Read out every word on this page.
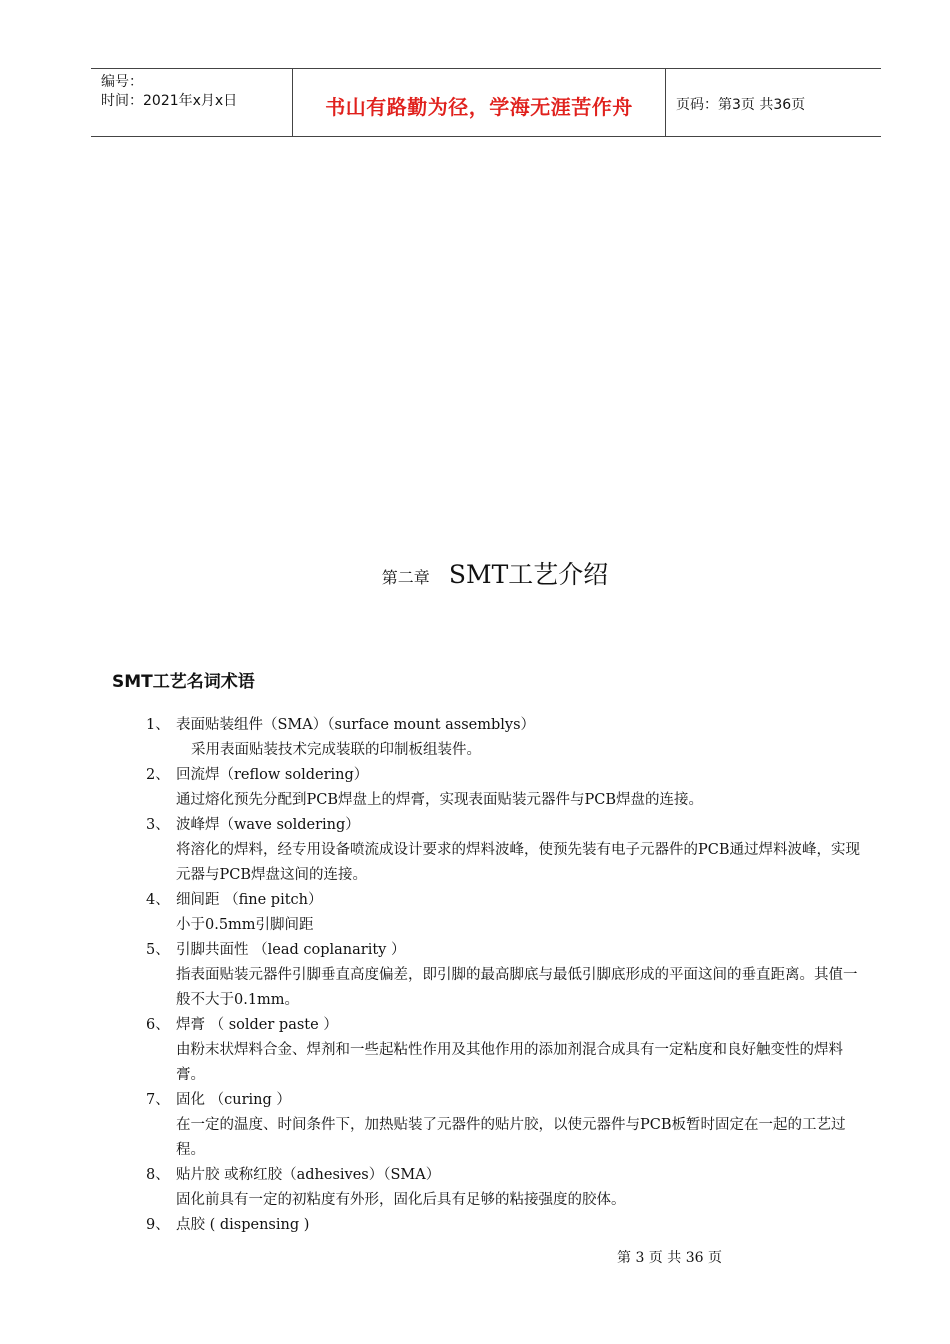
编号：
时间：2021年x月x日	书山有路勤为径，学海无涯苦作舟	页码：第3页 共36页
第二章 SMT工艺介绍
SMT工艺名词术语
1、 表面贴装组件（SMA）（surface mount assemblys）
采用表面贴装技术完成装联的印制板组装件。
2、 回流焊（reflow soldering）
通过熔化预先分配到PCB焊盘上的焊膏，实现表面贴装元器件与PCB焊盘的连接。
3、 波峰焊（wave soldering）
将溶化的焊料，经专用设备喷流成设计要求的焊料波峰，使预先装有电子元器件的PCB通过焊料波峰，实现元器与PCB焊盘这间的连接。
4、 细间距 （fine pitch）
小于0.5mm引脚间距
5、 引脚共面性 （lead coplanarity ）
指表面贴装元器件引脚垂直高度偏差，即引脚的最高脚底与最低引脚底形成的平面这间的垂直距离。其值一般不大于0.1mm。
6、 焊膏 （ solder paste ）
由粉末状焊料合金、焊剂和一些起粘性作用及其他作用的添加剂混合成具有一定粘度和良好触变性的焊料膏。
7、 固化 （curing ）
在一定的温度、时间条件下，加热贴装了元器件的贴片胶，以使元器件与PCB板暂时固定在一起的工艺过程。
8、 贴片胶 或称红胶（adhesives）（SMA）
固化前具有一定的初粘度有外形，固化后具有足够的粘接强度的胶体。
9、 点胶 ( dispensing )
第 3 页 共 36 页
